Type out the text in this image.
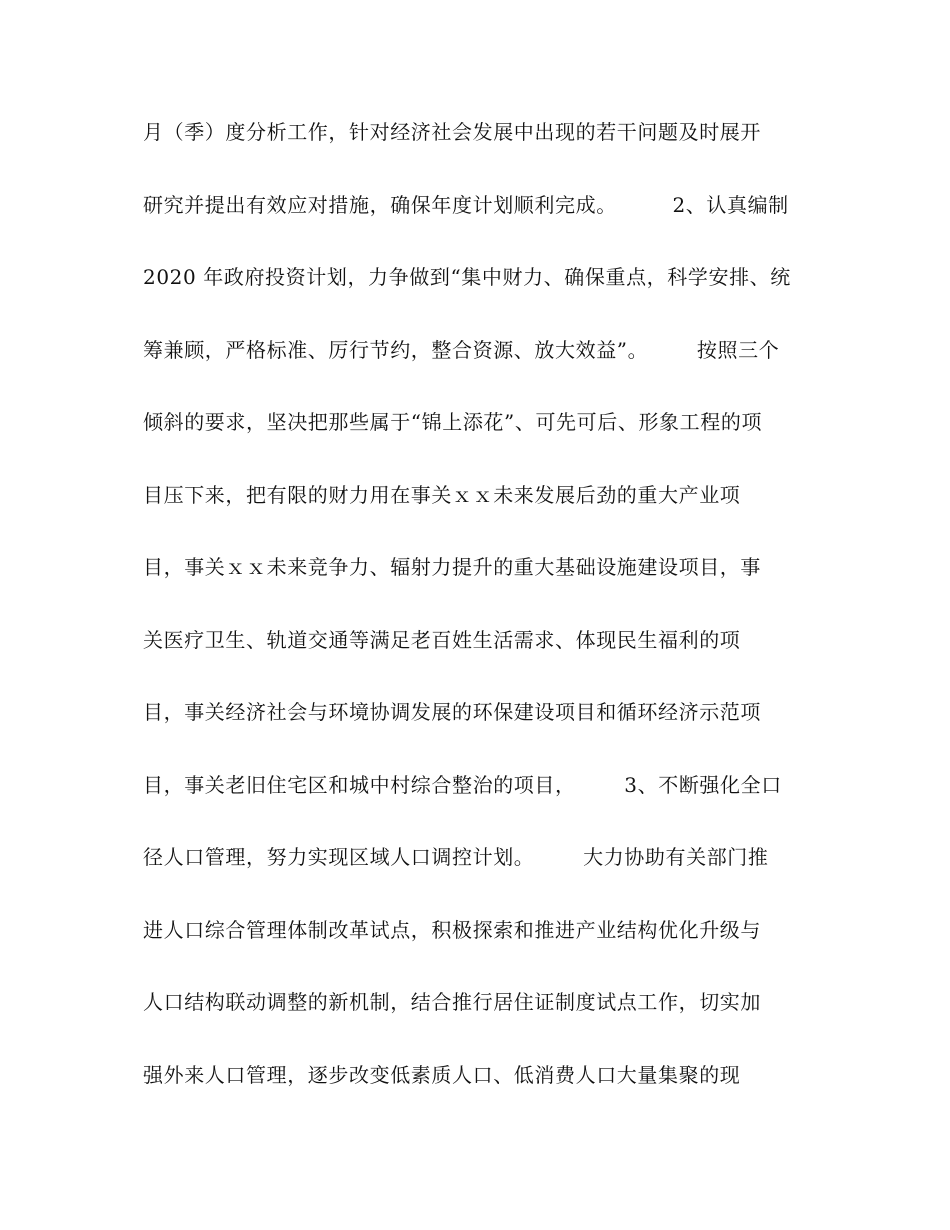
月（季）度分析工作，针对经济社会发展中出现的若干问题及时展开
研究并提出有效应对措施，确保年度计划顺利完成。        2、认真编制
2020 年政府投资计划，力争做到“集中财力、确保重点，科学安排、统
筹兼顾，严格标准、厉行节约，整合资源、放大效益”。       按照三个
倾斜的要求，坚决把那些属于“锦上添花”、可先可后、形象工程的项
目压下来，把有限的财力用在事关ｘｘ未来发展后劲的重大产业项
目，事关ｘｘ未来竞争力、辐射力提升的重大基础设施建设项目，事
关医疗卫生、轨道交通等满足老百姓生活需求、体现民生福利的项
目，事关经济社会与环境协调发展的环保建设项目和循环经济示范项
目，事关老旧住宅区和城中村综合整治的项目，       3、不断强化全口
径人口管理，努力实现区域人口调控计划。       大力协助有关部门推
进人口综合管理体制改革试点，积极探索和推进产业结构优化升级与
人口结构联动调整的新机制，结合推行居住证制度试点工作，切实加
强外来人口管理，逐步改变低素质人口、低消费人口大量集聚的现
